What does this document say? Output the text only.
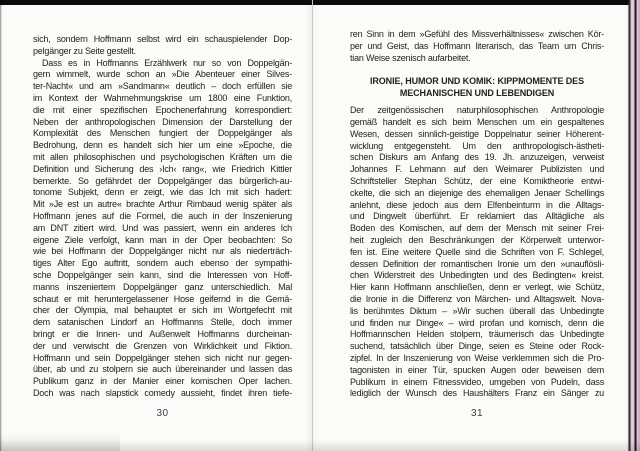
sich, sondern Hoffmann selbst wird ein schauspielender Dop-
pelgänger zu Seite gestellt.
Dass es in Hoffmanns Erzählwerk nur so von Doppelgän-
gern wimmelt, wurde schon an »Die Abenteuer einer Silves-
ter-Nacht« und am »Sandmann« deutlich – doch erfüllen sie
im Kontext der Wahrnehmungskrise um 1800 eine Funktion,
die mit einer spezifischen Epochenerfahrung korrespondiert:
Neben der anthropologischen Dimension der Darstellung der
Komplexität des Menschen fungiert der Doppelgänger als
Bedrohung, denn es handelt sich hier um eine »Epoche, die
mit allen philosophischen und psychologischen Kräften um die
Definition und Sicherung des ›Ich‹ rang«, wie Friedrich Kittler
bemerkte. So gefährdet der Doppelgänger das bürgerlich-au-
tonome Subjekt, denn er zeigt, wie das Ich mit sich hadert:
Mit »Je est un autre« brachte Arthur Rimbaud wenig später als
Hoffmann jenes auf die Formel, die auch in der Inszenierung
am DNT zitiert wird. Und was passiert, wenn ein anderes Ich
eigene Ziele verfolgt, kann man in der Oper beobachten: So
wie bei Hoffmann der Doppelgänger nicht nur als niederträch-
tiges Alter Ego auftritt, sondern auch ebenso der sympathi-
sche Doppelgänger sein kann, sind die Interessen von Hoff-
manns inszeniertem Doppelgänger ganz unterschiedlich. Mal
schaut er mit heruntergelassener Hose geifernd in die Gemä-
cher der Olympia, mal behauptet er sich im Wortgefecht mit
dem satanischen Lindorf an Hoffmanns Stelle, doch immer
bringt er die Innen- und Außenwelt Hoffmanns durcheinan-
der und verwischt die Grenzen von Wirklichkeit und Fiktion.
Hoffmann und sein Doppelgänger stehen sich nicht nur gegen-
über, ab und zu stolpern sie auch übereinander und lassen das
Publikum ganz in der Manier einer komischen Oper lachen.
Doch was nach slapstick comedy aussieht, findet ihren tiefe-
30
ren Sinn in dem »Gefühl des Missverhältnisses« zwischen Kör-
per und Geist, das Hoffmann literarisch, das Team um Chris-
tian Weise szenisch aufarbeitet.
IRONIE, HUMOR UND KOMIK: KIPPMOMENTE DES
MECHANISCHEN UND LEBENDIGEN
Der zeitgenössischen naturphilosophischen Anthropologie
gemäß handelt es sich beim Menschen um ein gespaltenes
Wesen, dessen sinnlich-geistige Doppelnatur seiner Höherent-
wicklung entgegensteht. Um den anthropologisch-ästheti-
schen Diskurs am Anfang des 19. Jh. anzuzeigen, verweist
Johannes F. Lehmann auf den Weimarer Publizisten und
Schriftsteller Stephan Schütz, der eine Komiktheorie entwi-
ckelte, die sich an diejenige des ehemaligen Jenaer Schellings
anlehnt, diese jedoch aus dem Elfenbeinturm in die Alltags-
und Dingwelt überführt. Er reklamiert das Alltägliche als
Boden des Komischen, auf dem der Mensch mit seiner Frei-
heit zugleich den Beschränkungen der Körperwelt unterwor-
fen ist. Eine weitere Quelle sind die Schriften von F. Schlegel,
dessen Definition der romantischen Ironie um den »unauflösli-
chen Widerstreit des Unbedingten und des Bedingten« kreist.
Hier kann Hoffmann anschließen, denn er verlegt, wie Schütz,
die Ironie in die Differenz von Märchen- und Alltagswelt. Nova-
lis berühmtes Diktum – »Wir suchen überall das Unbedingte
und finden nur Dinge« – wird profan und komisch, denn die
Hoffmannschen Helden stolpern, träumerisch das Unbedingte
suchend, tatsächlich über Dinge, seien es Steine oder Rock-
zipfel. In der Inszenierung von Weise verklemmen sich die Pro-
tagonisten in einer Tür, spucken Augen oder beweisen dem
Publikum in einem Fitnessvideo, umgeben von Pudeln, dass
lediglich der Wunsch des Haushälters Franz ein Sänger zu
31
